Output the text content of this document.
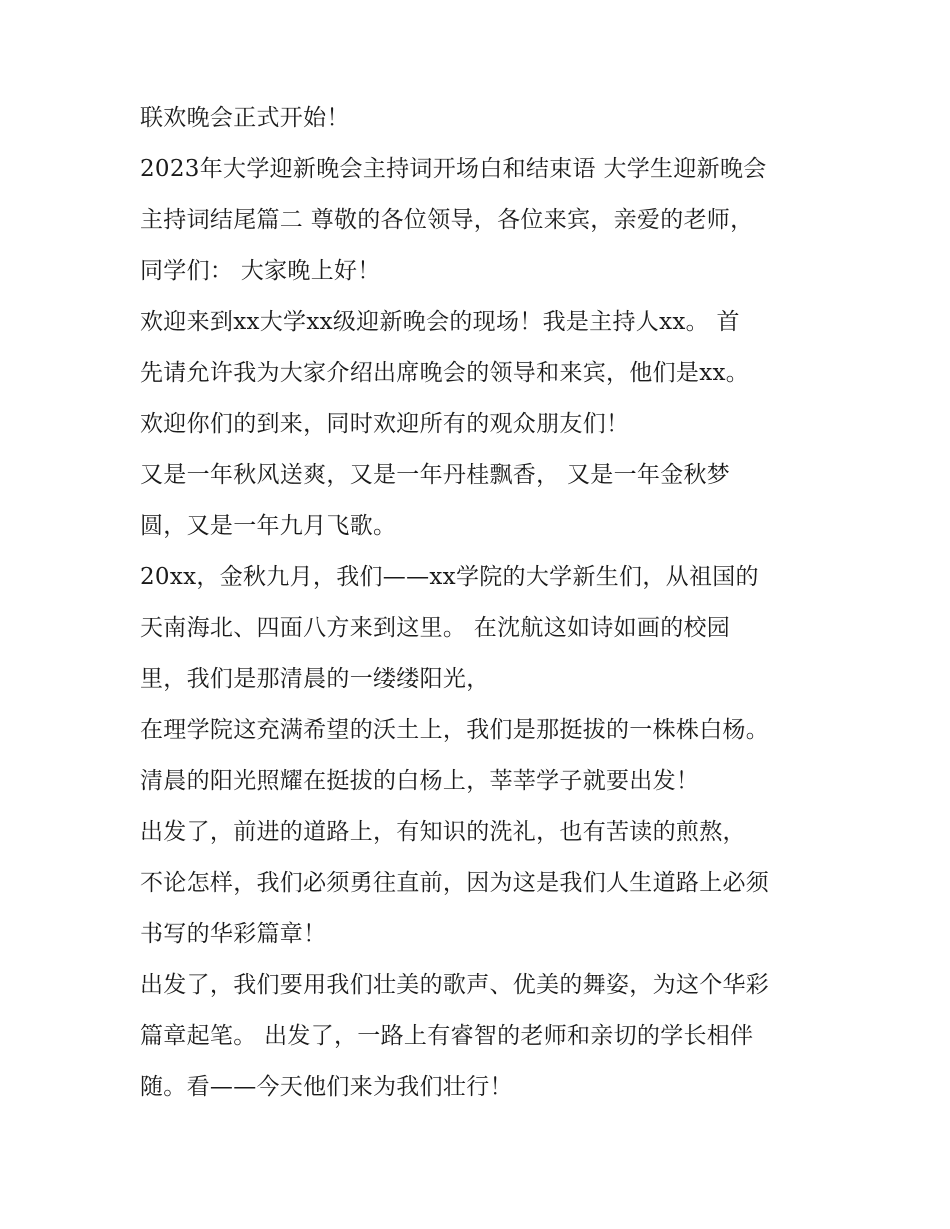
联欢晚会正式开始！
2023年大学迎新晚会主持词开场白和结束语 大学生迎新晚会
主持词结尾篇二 尊敬的各位领导，各位来宾，亲爱的老师，
同学们： 大家晚上好！
欢迎来到xx大学xx级迎新晚会的现场！我是主持人xx。 首
先请允许我为大家介绍出席晚会的领导和来宾，他们是xx。
欢迎你们的到来，同时欢迎所有的观众朋友们！
又是一年秋风送爽，又是一年丹桂飘香， 又是一年金秋梦
圆，又是一年九月飞歌。
20xx，金秋九月，我们——xx学院的大学新生们，从祖国的
天南海北、四面八方来到这里。 在沈航这如诗如画的校园
里，我们是那清晨的一缕缕阳光，
在理学院这充满希望的沃土上，我们是那挺拔的一株株白杨。
清晨的阳光照耀在挺拔的白杨上，莘莘学子就要出发！
出发了，前进的道路上，有知识的洗礼，也有苦读的煎熬，
不论怎样，我们必须勇往直前，因为这是我们人生道路上必须
书写的华彩篇章！
出发了，我们要用我们壮美的歌声、优美的舞姿，为这个华彩
篇章起笔。 出发了，一路上有睿智的老师和亲切的学长相伴
随。看——今天他们来为我们壮行！
